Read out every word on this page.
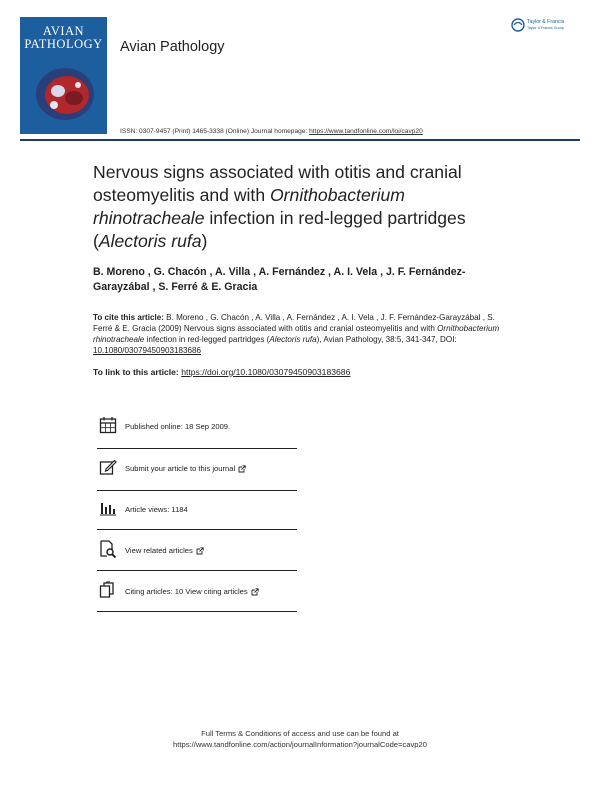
AVIAN
PATHOLOGY Avian Pathology
Taylor & Francis
Taylor & Francis Group
ISSN: 0307-9457 (Print) 1465-3338 (Online) Journal homepage: https://www.tandfonline.com/loi/cavp20
Nervous signs associated with otitis and cranial osteomyelitis and with Ornithobacterium rhinotracheale infection in red-legged partridges (Alectoris rufa)
B. Moreno , G. Chacón , A. Villa , A. Fernández , A. I. Vela , J. F. Fernández-Garayzábal , S. Ferré & E. Gracia
To cite this article: B. Moreno , G. Chacón , A. Villa , A. Fernández , A. I. Vela , J. F. Fernández-Garayzábal , S. Ferré & E. Gracia (2009) Nervous signs associated with otitis and cranial osteomyelitis and with Ornithobacterium rhinotracheale infection in red-legged partridges (Alectoris rufa), Avian Pathology, 38:5, 341-347, DOI: 10.1080/03079450903183686
To link to this article: https://doi.org/10.1080/03079450903183686
Published online: 18 Sep 2009.
Submit your article to this journal
Article views: 1184
View related articles
Citing articles: 10 View citing articles
Full Terms & Conditions of access and use can be found at
https://www.tandfonline.com/action/journalInformation?journalCode=cavp20
